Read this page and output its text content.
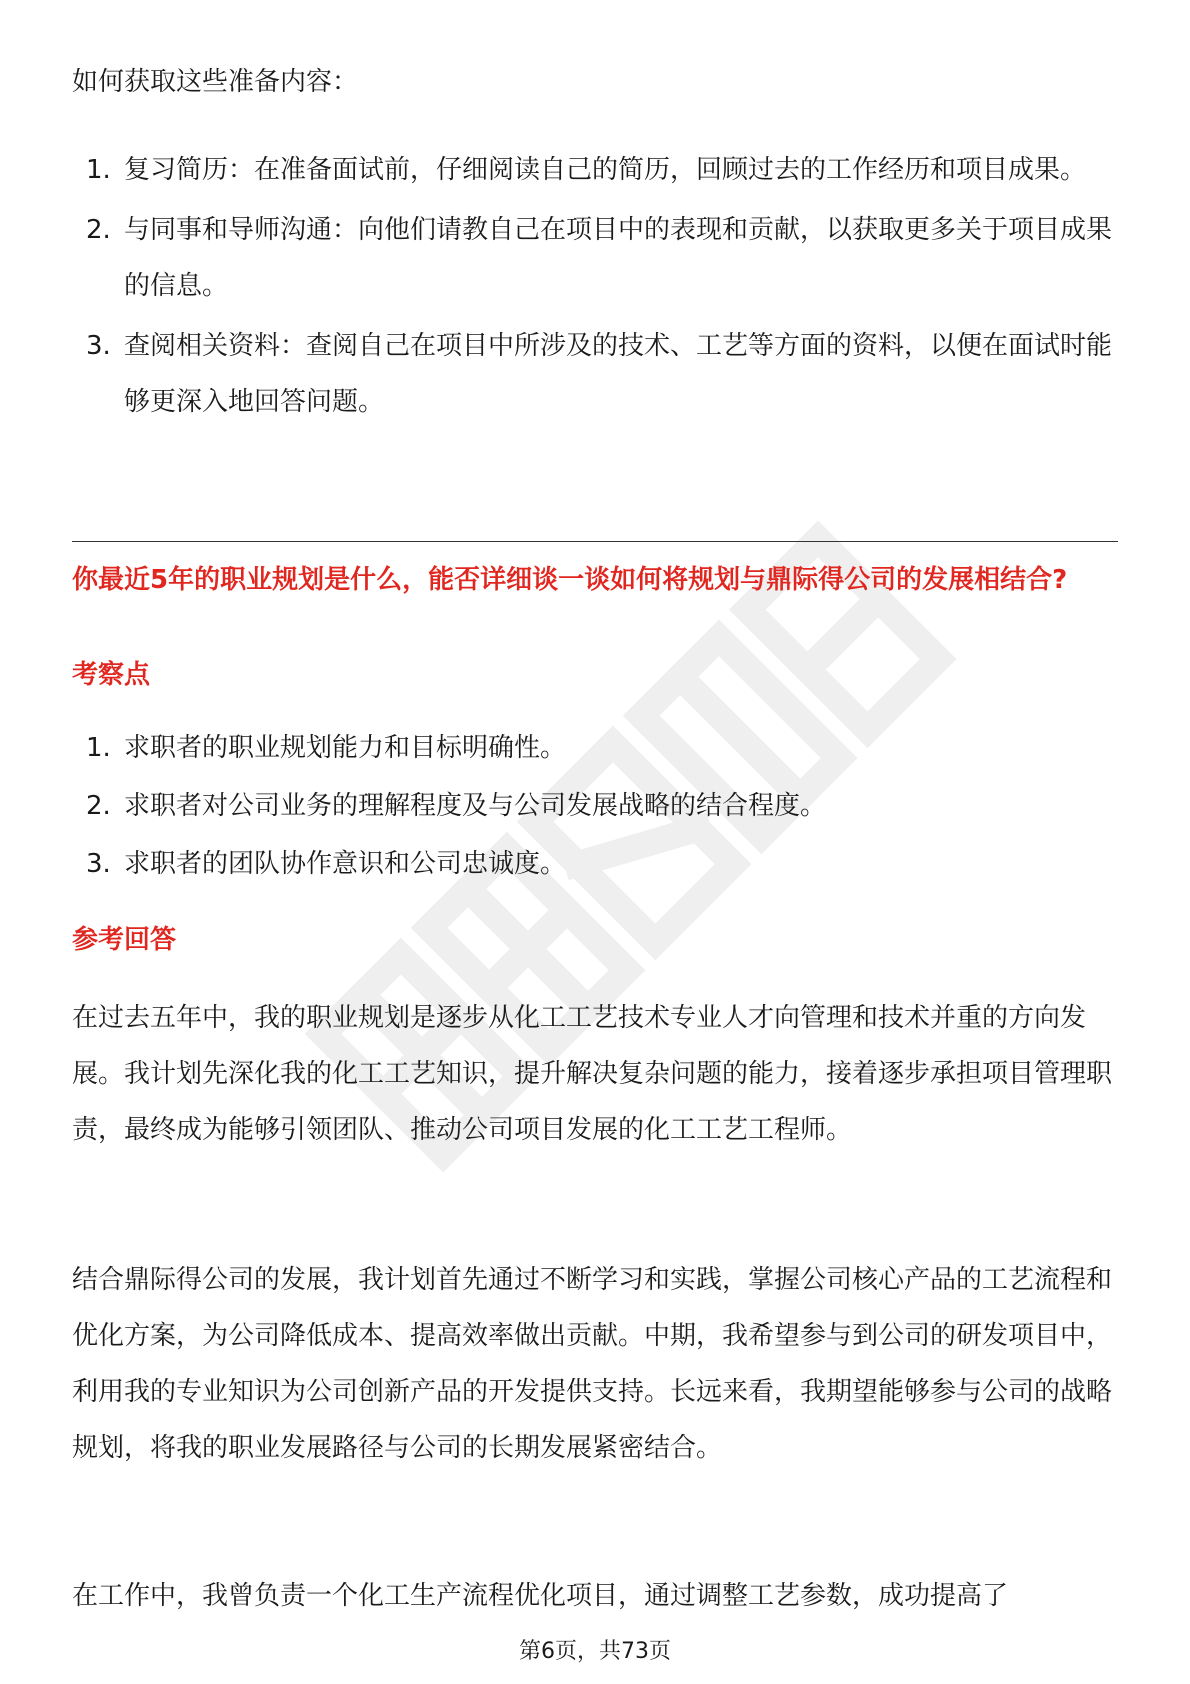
如何获取这些准备内容：

1. 复习简历：在准备面试前，仔细阅读自己的简历，回顾过去的工作经历和项目成果。
2. 与同事和导师沟通：向他们请教自己在项目中的表现和贡献，以获取更多关于项目成果的信息。
3. 查阅相关资料：查阅自己在项目中所涉及的技术、工艺等方面的资料，以便在面试时能够更深入地回答问题。

你最近5年的职业规划是什么，能否详细谈一谈如何将规划与鼎际得公司的发展相结合?

考察点

1. 求职者的职业规划能力和目标明确性。
2. 求职者对公司业务的理解程度及与公司发展战略的结合程度。
3. 求职者的团队协作意识和公司忠诚度。

参考回答

在过去五年中，我的职业规划是逐步从化工工艺技术专业人才向管理和技术并重的方向发展。我计划先深化我的化工工艺知识，提升解决复杂问题的能力，接着逐步承担项目管理职责，最终成为能够引领团队、推动公司项目发展的化工工艺工程师。

结合鼎际得公司的发展，我计划首先通过不断学习和实践，掌握公司核心产品的工艺流程和优化方案，为公司降低成本、提高效率做出贡献。中期，我希望参与到公司的研发项目中，利用我的专业知识为公司创新产品的开发提供支持。长远来看，我期望能够参与公司的战略规划，将我的职业发展路径与公司的长期发展紧密结合。

在工作中，我曾负责一个化工生产流程优化项目，通过调整工艺参数，成功提高了

第6页，共73页
